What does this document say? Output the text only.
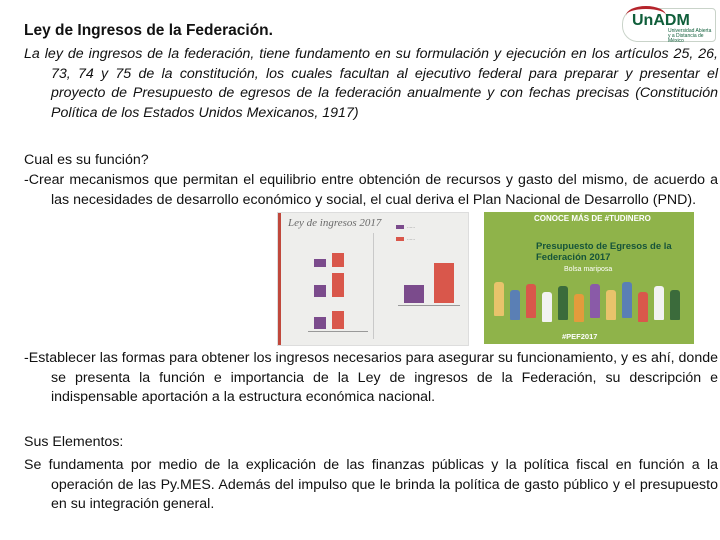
Ley de Ingresos de la Federación.
UnADM
Universidad Abierta y a Distancia de México

La ley de ingresos de la federación, tiene fundamento en su formulación y ejecución en los artículos 25, 26, 73, 74 y 75 de la constitución, los cuales facultan al ejecutivo federal para preparar y presentar el proyecto de Presupuesto de egresos de la federación anualmente y con fechas precisas (Constitución Política de los Estados Unidos Mexicanos, 1917)

Cual es su función?

-Crear mecanismos que permitan el equilibrio entre obtención de recursos y gasto del mismo, de acuerdo a las necesidades de desarrollo económico y social, el cual deriva el Plan Nacional de Desarrollo (PND).

Ley de ingresos 2017	······
······
CONOCE MÁS DE #TUDINERO
Presupuesto de Egresos de la Federación 2017
Bolsa mariposa
#PEF2017

-Establecer las formas para obtener los ingresos necesarios para asegurar su funcionamiento, y es ahí, donde se presenta la función e importancia de la Ley de ingresos de la Federación, su descripción e indispensable aportación a la estructura económica nacional.

Sus Elementos:

Se fundamenta por medio de la explicación de las finanzas públicas y la política fiscal en función a la operación de las Py.MES. Además del impulso que le brinda la política de gasto público y el presupuesto en su integración general.
